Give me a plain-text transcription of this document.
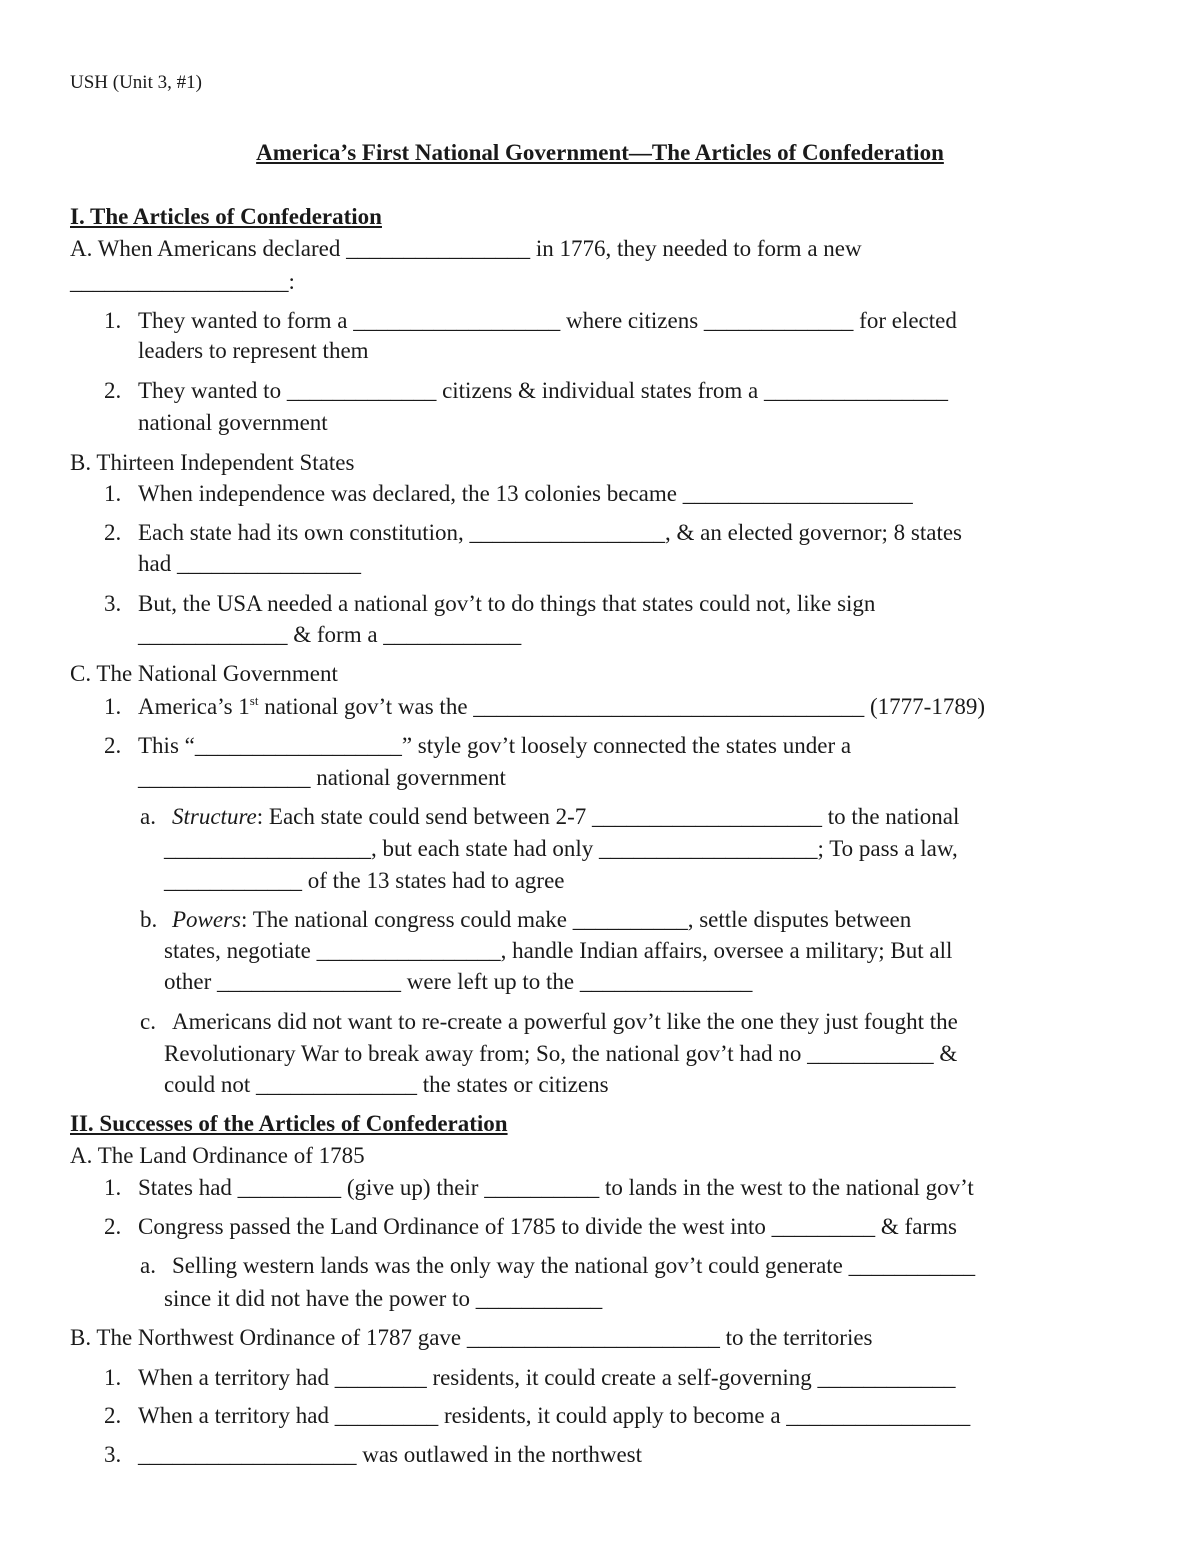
USH (Unit 3, #1)
America’s First National Government—The Articles of Confederation
I. The Articles of Confederation
A. When Americans declared ________________ in 1776, they needed to form a new
___________________:
1. They wanted to form a __________________ where citizens _____________ for elected
leaders to represent them
2. They wanted to _____________ citizens & individual states from a ________________
national government
B. Thirteen Independent States
1. When independence was declared, the 13 colonies became ____________________
2. Each state had its own constitution, _________________, & an elected governor; 8 states
had ________________
3. But, the USA needed a national gov’t to do things that states could not, like sign
_____________ & form a ____________
C. The National Government
1. America’s 1st national gov’t was the __________________________________ (1777-1789)
2. This “__________________” style gov’t loosely connected the states under a
_______________ national government
a. Structure: Each state could send between 2-7 ____________________ to the national
__________________, but each state had only ___________________; To pass a law,
____________ of the 13 states had to agree
b. Powers: The national congress could make __________, settle disputes between
states, negotiate ________________, handle Indian affairs, oversee a military; But all
other ________________ were left up to the _______________
c. Americans did not want to re-create a powerful gov’t like the one they just fought the
Revolutionary War to break away from; So, the national gov’t had no ___________ &
could not ______________ the states or citizens
II. Successes of the Articles of Confederation
A. The Land Ordinance of 1785
1. States had _________ (give up) their __________ to lands in the west to the national gov’t
2. Congress passed the Land Ordinance of 1785 to divide the west into _________ & farms
a. Selling western lands was the only way the national gov’t could generate ___________
since it did not have the power to ___________
B. The Northwest Ordinance of 1787 gave ______________________ to the territories
1. When a territory had ________ residents, it could create a self-governing ____________
2. When a territory had _________ residents, it could apply to become a ________________
3. ___________________ was outlawed in the northwest
